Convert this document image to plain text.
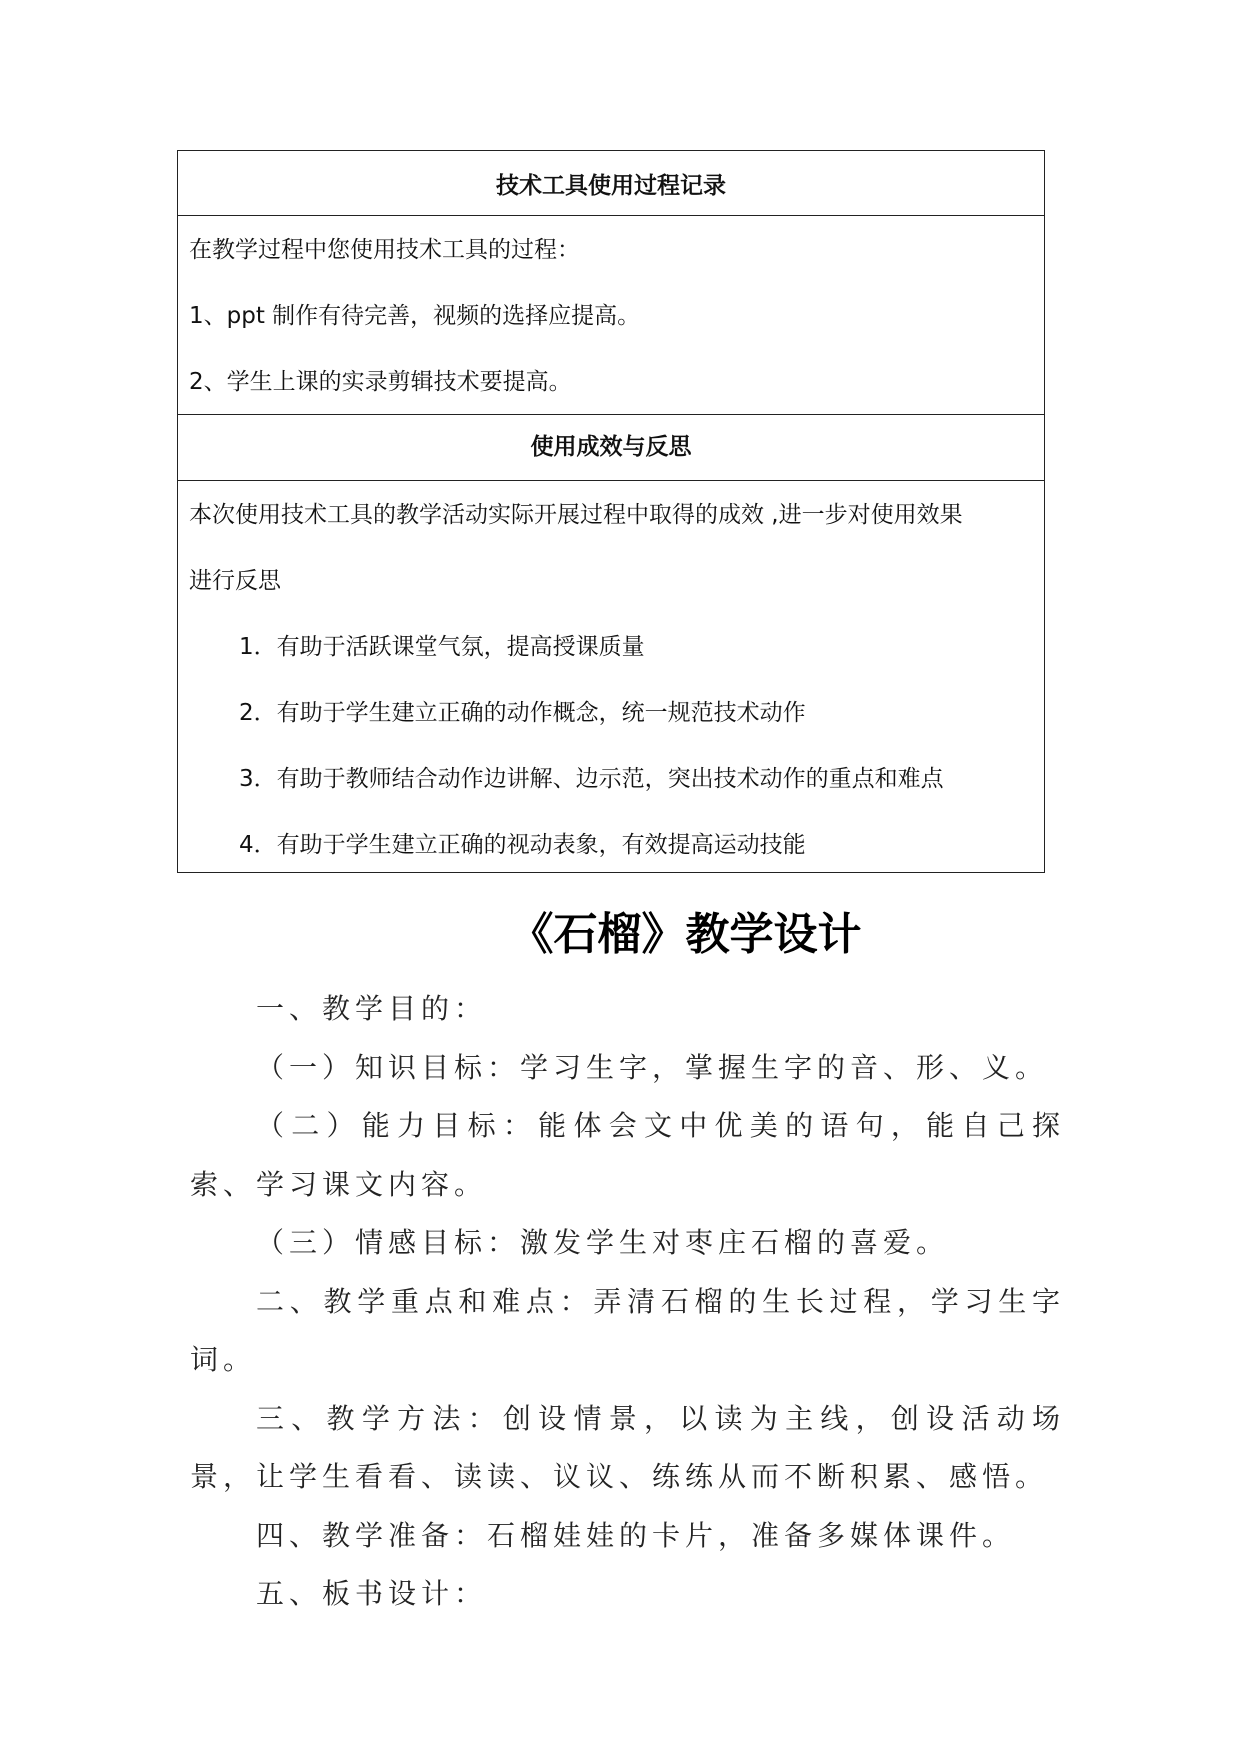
技术工具使用过程记录
在教学过程中您使用技术工具的过程：
1、ppt 制作有待完善，视频的选择应提高。
2、学生上课的实录剪辑技术要提高。
使用成效与反思
本次使用技术工具的教学活动实际开展过程中取得的成效 ,进一步对使用效果
进行反思
1．有助于活跃课堂气氛，提高授课质量
2．有助于学生建立正确的动作概念，统一规范技术动作
3．有助于教师结合动作边讲解、边示范，突出技术动作的重点和难点
4．有助于学生建立正确的视动表象，有效提高运动技能
《石榴》教学设计

一、教学目的：

（一）知识目标：学习生字，掌握生字的音、形、义。

（二）能力目标：能体会文中优美的语句，能自己探索、学习课文内容。

（三）情感目标：激发学生对枣庄石榴的喜爱。

二、教学重点和难点：弄清石榴的生长过程，学习生字词。

三、教学方法：创设情景，以读为主线，创设活动场景，让学生看看、读读、议议、练练从而不断积累、感悟。

四、教学准备：石榴娃娃的卡片，准备多媒体课件。

五、板书设计：
